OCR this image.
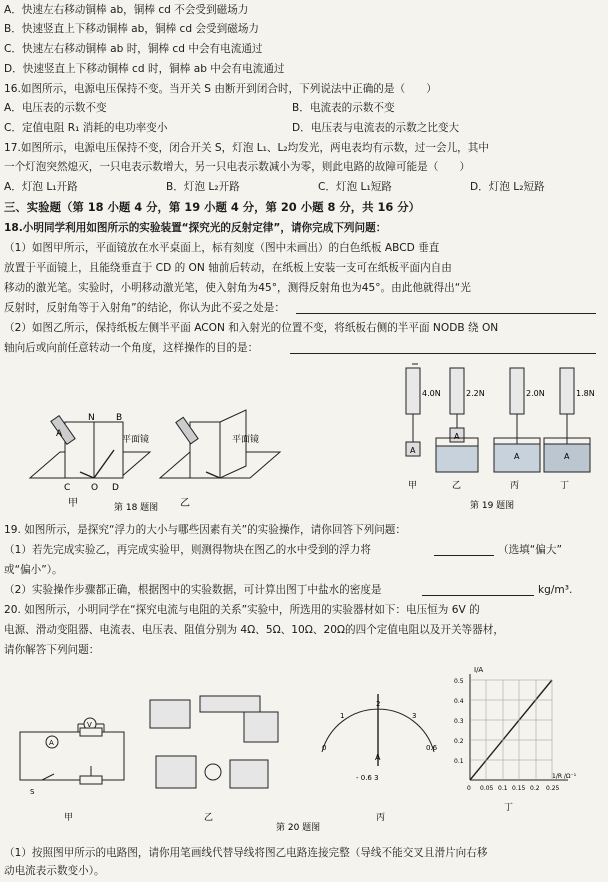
A．快速左右移动铜棒 ab，铜棒 cd 不会受到磁场力
B．快速竖直上下移动铜棒 ab，铜棒 cd 会受到磁场力
C．快速左右移动铜棒 ab 时，铜棒 cd 中会有电流通过
D．快速竖直上下移动铜棒 cd 时，铜棒 ab 中会有电流通过
16.如图所示，电源电压保持不变。当开关 S 由断开到闭合时，下列说法中正确的是（　　）
A．电压表的示数不变	B．电流表的示数不变
C．定值电阻 R₁ 消耗的电功率变小	D．电压表与电流表的示数之比变大
17.如图所示，电源电压保持不变，闭合开关 S，灯泡 L₁、L₂均发光，两电表均有示数，过一会儿，其中
一个灯泡突然熄灭，一只电表示数增大，另一只电表示数减小为零，则此电路的故障可能是（　　）
A．灯泡 L₁开路	B．灯泡 L₂开路	C．灯泡 L₁短路	D．灯泡 L₂短路
三、实验题（第 18 小题 4 分，第 19 小题 4 分，第 20 小题 8 分，共 16 分）
18.小明同学利用如图所示的实验装置“探究光的反射定律”，请你完成下列问题：
（1）如图甲所示，平面镜放在水平桌面上，标有刻度（图中未画出）的白色纸板 ABCD 垂直
放置于平面镜上，且能绕垂直于 CD 的 ON 轴前后转动，在纸板上安装一支可在纸板平面内自由
移动的激光笔。实验时，小明移动激光笔，使入射角为45°，测得反射角也为45°。由此他就得出“光
反射时，反射角等于入射角”的结论，你认为此不妥之处是：
（2）如图乙所示，保持纸板左侧半平面 ACON 和入射光的位置不变，将纸板右侧的半平面 NODB 绕 ON
轴向后或向前任意转动一个角度，这样操作的目的是：
A
N B
C O D
平面镜
甲
平面镜
乙
第 18 题图
4.0N	2.2N	2.0N	1.8N
A
A
A	A
甲	乙	丙	丁
第 19 题图
19. 如图所示，是探究“浮力的大小与哪些因素有关”的实验操作，请你回答下列问题：
（1）若先完成实验乙，再完成实验甲，则测得物块在图乙的水中受到的浮力将	（选填“偏大”
或“偏小”）。
（2）实验操作步骤都正确，根据图中的实验数据，可计算出图丁中盐水的密度是	kg/m³.
20. 如图所示，小明同学在“探究电流与电阻的关系”实验中，所选用的实验器材如下：电压恒为 6V 的
电源、滑动变阻器、电流表、电压表、阻值分别为 4Ω、5Ω、10Ω、20Ω的四个定值电阻以及开关等器材，
请你解答下列问题：
A
V
S
甲	乙
0
1
2
3
0.6
A
- 0.6 3
丙
I/A
1/R /Ω⁻¹
0.5
0.4
0.3
0.2
0.1
0 0.05 0.1 0.15 0.2 0.25
丁
第 20 题图
（1）按照图甲所示的电路图，请你用笔画线代替导线将图乙电路连接完整（导线不能交叉且滑片向右移
动电流表示数变小）。
